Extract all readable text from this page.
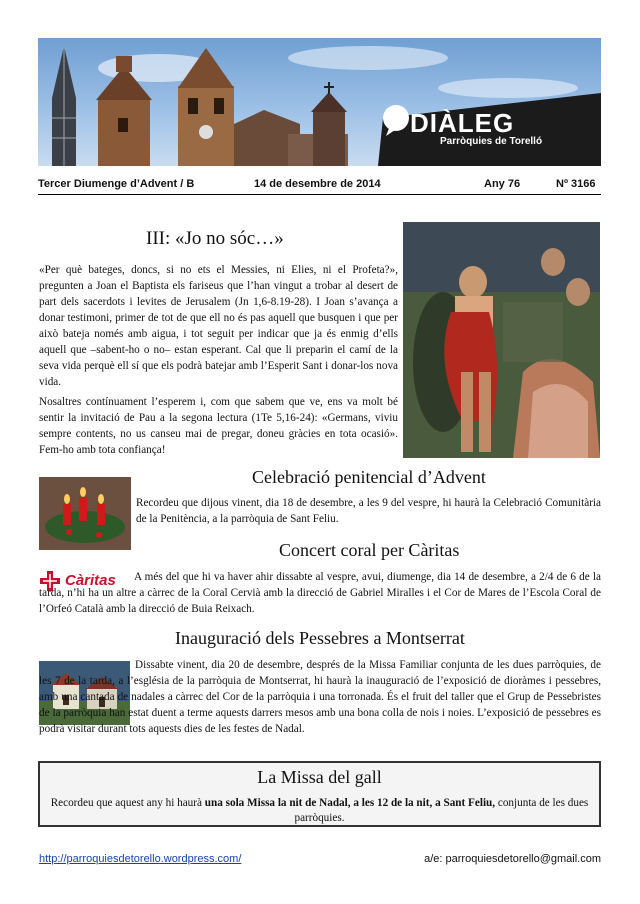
DIÀLEG
Parròquies de Torelló
Tercer Diumenge d’Advent / B	14 de desembre de 2014	Any 76	Nº 3166
III: «Jo no sóc…»
«Per què bateges, doncs, si no ets el Messies, ni Elies, ni el Profeta?», pregunten a Joan el Baptista els fariseus que l’han vingut a trobar al desert de part dels sacerdots i levites de Jerusalem (Jn 1,6-8.19-28). I Joan s’avança a donar testimoni, primer de tot de que ell no és pas aquell que busquen i que per això bateja només amb aigua, i tot seguit per indicar que ja és enmig d’ells aquell que –sabent-ho o no– estan esperant. Cal que li preparin el camí de la seva vida perquè ell sí que els podrà batejar amb l’Esperit Sant i donar-los nova vida.
Nosaltres contínuament l’esperem i, com que sabem que ve, ens va molt bé sentir la invitació de Pau a la segona lectura (1Te 5,16-24): «Germans, viviu sempre contents, no us canseu mai de pregar, doneu gràcies en tota ocasió». Fem-ho amb tota confiança!
Celebració penitencial d’Advent
Recordeu que dijous vinent, dia 18 de desembre, a les 9 del vespre, hi haurà la Celebració Comunitària de la Penitència, a la parròquia de Sant Feliu.
Concert coral per Càritas
Càritas	A més del que hi va haver ahir dissabte al vespre, avui, diumenge, dia 14 de desembre, a 2/4 de 6 de la tarda, n’hi ha un altre a càrrec de la Coral Cervià amb la direcció de Gabriel Miralles i el Cor de Mares de l’Escola Coral de l’Orfeó Català amb la direcció de Buia Reixach.
Inauguració dels Pessebres a Montserrat
Dissabte vinent, dia 20 de desembre, després de la Missa Familiar conjunta de les dues parròquies, de les 7 de la tarda, a l’església de la parròquia de Montserrat, hi haurà la inauguració de l’exposició de dioràmes i pessebres, amb una cantada de nadales a càrrec del Cor de la parròquia i una torronada. És el fruit del taller que el Grup de Pessebristes de la parròquia han estat duent a terme aquests darrers mesos amb una bona colla de nois i noies. L’exposició de pessebres es podrà visitar durant tots aquests dies de les festes de Nadal.
La Missa del gall
Recordeu que aquest any hi haurà una sola Missa la nit de Nadal, a les 12 de la nit, a Sant Feliu, conjunta de les dues parròquies.
http://parroquiesdetorello.wordpress.com/	a/e: parroquiesdetorello@gmail.com
